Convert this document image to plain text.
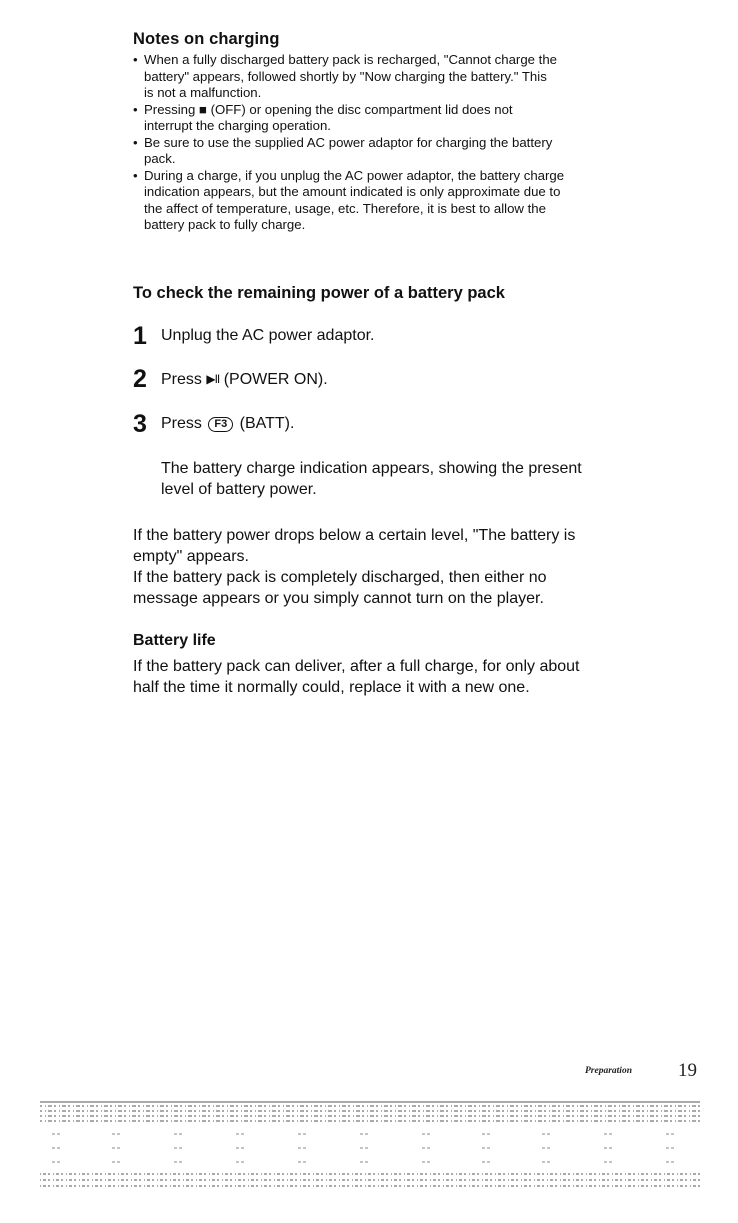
Notes on charging
• When a fully discharged battery pack is recharged, "Cannot charge the
battery" appears, followed shortly by "Now charging the battery." This
is not a malfunction.
• Pressing ■ (OFF) or opening the disc compartment lid does not
interrupt the charging operation.
• Be sure to use the supplied AC power adaptor for charging the battery
pack.
• During a charge, if you unplug the AC power adaptor, the battery charge
indication appears, but the amount indicated is only approximate due to
the affect of temperature, usage, etc. Therefore, it is best to allow the
battery pack to fully charge.
To check the remaining power of a battery pack
1 Unplug the AC power adaptor.
2 Press ▶II (POWER ON).
3 Press F3 (BATT).
The battery charge indication appears, showing the present
level of battery power.

If the battery power drops below a certain level, "The battery is

empty" appears.

If the battery pack is completely discharged, then either no

message appears or you simply cannot turn on the player.

Battery life
If the battery pack can deliver, after a full charge, for only about
half the time it normally could, replace it with a new one.
Preparation 19
